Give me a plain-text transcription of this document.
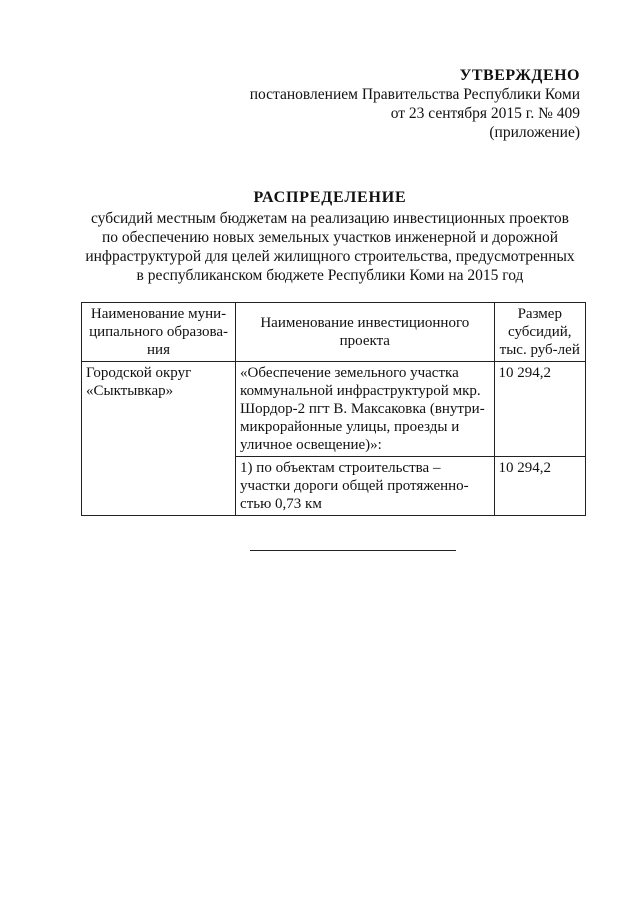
УТВЕРЖДЕНО
постановлением Правительства Республики Коми
от 23 сентября 2015 г. № 409
(приложение)
РАСПРЕДЕЛЕНИЕ
субсидий местным бюджетам на реализацию инвестиционных проектов
по обеспечению новых земельных участков инженерной и дорожной
инфраструктурой для целей жилищного строительства, предусмотренных
в республиканском бюджете Республики Коми на 2015 год
Наименование муни-ципального образова-ния	Наименование инвестиционного проекта	Размер субсидий, тыс. руб-лей
Городской округ «Сыктывкар»	«Обеспечение земельного участка коммунальной инфраструктурой мкр. Шордор-2 пгт В. Максаковка (внутри-микрорайонные улицы, проезды и уличное освещение)»:	10 294,2
	1) по объектам строительства – участки дороги общей протяженно-стью 0,73 км	10 294,2
